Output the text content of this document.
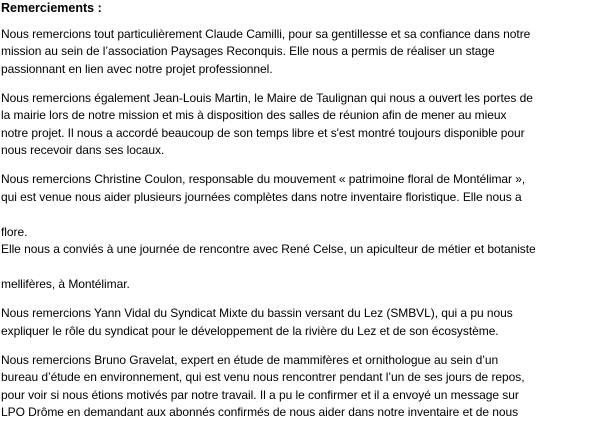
Remerciements :
Nous remercions tout particulièrement Claude Camilli, pour sa gentillesse et sa confiance dans notre
mission au sein de l’association Paysages Reconquis. Elle nous a permis de réaliser un stage
passionnant en lien avec notre projet professionnel.
Nous remercions également Jean-Louis Martin, le Maire de Taulignan qui nous a ouvert les portes de
la mairie lors de notre mission et mis à disposition des salles de réunion afin de mener au mieux
notre projet. Il nous a accordé beaucoup de son temps libre et s'est montré toujours disponible pour
nous recevoir dans ses locaux.
Nous remercions Christine Coulon, responsable du mouvement « patrimoine floral de Montélimar »,
qui est venue nous aider plusieurs journées complètes dans notre inventaire floristique. Elle nous a
flore.
Elle nous a conviés à une journée de rencontre avec René Celse, un apiculteur de métier et botaniste
mellifères, à Montélimar.
Nous remercions Yann Vidal du Syndicat Mixte du bassin versant du Lez (SMBVL), qui a pu nous
expliquer le rôle du syndicat pour le développement de la rivière du Lez et de son écosystème.
Nous remercions Bruno Gravelat, expert en étude de mammifères et ornithologue au sein d’un
bureau d’étude en environnement, qui est venu nous rencontrer pendant l’un de ses jours de repos,
pour voir si nous étions motivés par notre travail. Il a pu le confirmer et il a envoyé un message sur
LPO Drôme en demandant aux abonnés confirmés de nous aider dans notre inventaire et de nous
